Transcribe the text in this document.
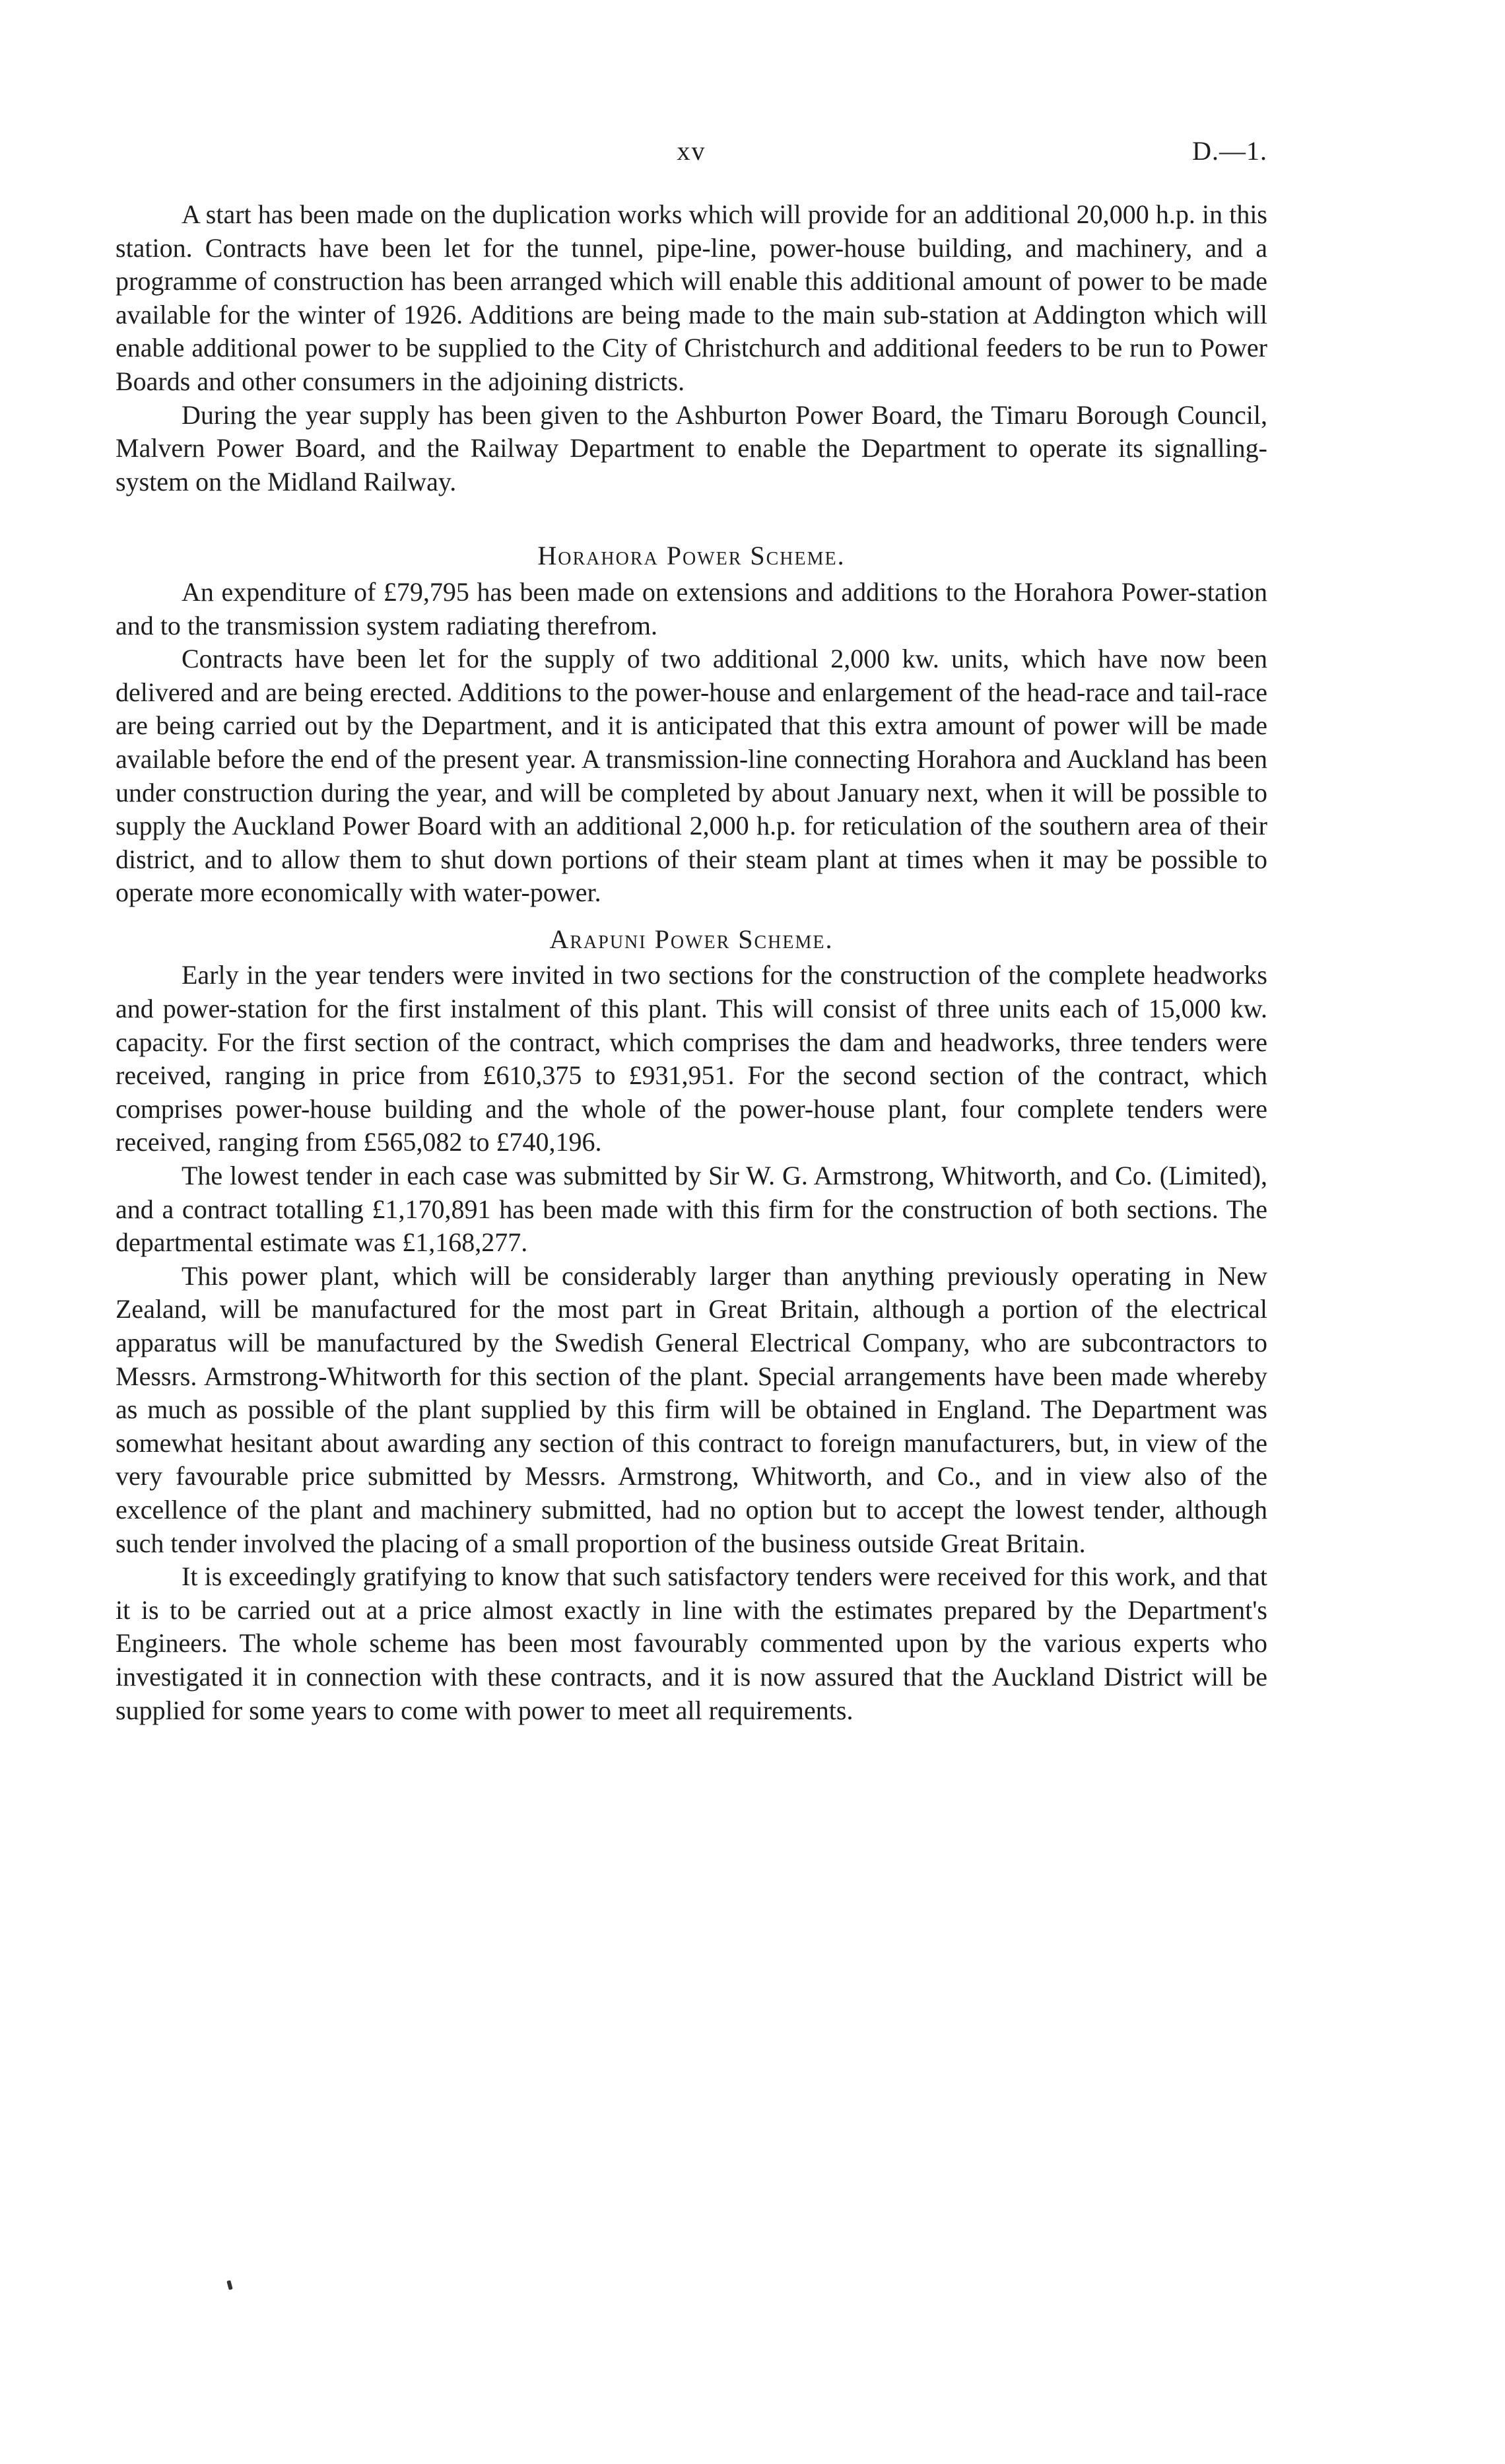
xv	D.—1.

A start has been made on the duplication works which will provide for an additional 20,000 h.p. in this station. Contracts have been let for the tunnel, pipe-line, power-house building, and machinery, and a programme of construction has been arranged which will enable this additional amount of power to be made available for the winter of 1926. Additions are being made to the main sub-station at Addington which will enable additional power to be supplied to the City of Christchurch and additional feeders to be run to Power Boards and other consumers in the adjoining districts.

During the year supply has been given to the Ashburton Power Board, the Timaru Borough Council, Malvern Power Board, and the Railway Department to enable the Department to operate its signalling-system on the Midland Railway.

Horahora Power Scheme.

An expenditure of £79,795 has been made on extensions and additions to the Horahora Power-station and to the transmission system radiating therefrom.

Contracts have been let for the supply of two additional 2,000 kw. units, which have now been delivered and are being erected. Additions to the power-house and enlargement of the head-race and tail-race are being carried out by the Department, and it is anticipated that this extra amount of power will be made available before the end of the present year. A transmission-line connecting Horahora and Auckland has been under construction during the year, and will be completed by about January next, when it will be possible to supply the Auckland Power Board with an additional 2,000 h.p. for reticulation of the southern area of their district, and to allow them to shut down portions of their steam plant at times when it may be possible to operate more economically with water-power.

Arapuni Power Scheme.

Early in the year tenders were invited in two sections for the construction of the complete headworks and power-station for the first instalment of this plant. This will consist of three units each of 15,000 kw. capacity. For the first section of the contract, which comprises the dam and headworks, three tenders were received, ranging in price from £610,375 to £931,951. For the second section of the contract, which comprises power-house building and the whole of the power-house plant, four complete tenders were received, ranging from £565,082 to £740,196.

The lowest tender in each case was submitted by Sir W. G. Armstrong, Whitworth, and Co. (Limited), and a contract totalling £1,170,891 has been made with this firm for the construction of both sections. The departmental estimate was £1,168,277.

This power plant, which will be considerably larger than anything previously operating in New Zealand, will be manufactured for the most part in Great Britain, although a portion of the electrical apparatus will be manufactured by the Swedish General Electrical Company, who are subcontractors to Messrs. Armstrong-Whitworth for this section of the plant. Special arrangements have been made whereby as much as possible of the plant supplied by this firm will be obtained in England. The Department was somewhat hesitant about awarding any section of this contract to foreign manufacturers, but, in view of the very favourable price submitted by Messrs. Armstrong, Whitworth, and Co., and in view also of the excellence of the plant and machinery submitted, had no option but to accept the lowest tender, although such tender involved the placing of a small proportion of the business outside Great Britain.

It is exceedingly gratifying to know that such satisfactory tenders were received for this work, and that it is to be carried out at a price almost exactly in line with the estimates prepared by the Department's Engineers. The whole scheme has been most favourably commented upon by the various experts who investigated it in connection with these contracts, and it is now assured that the Auckland District will be supplied for some years to come with power to meet all requirements.
